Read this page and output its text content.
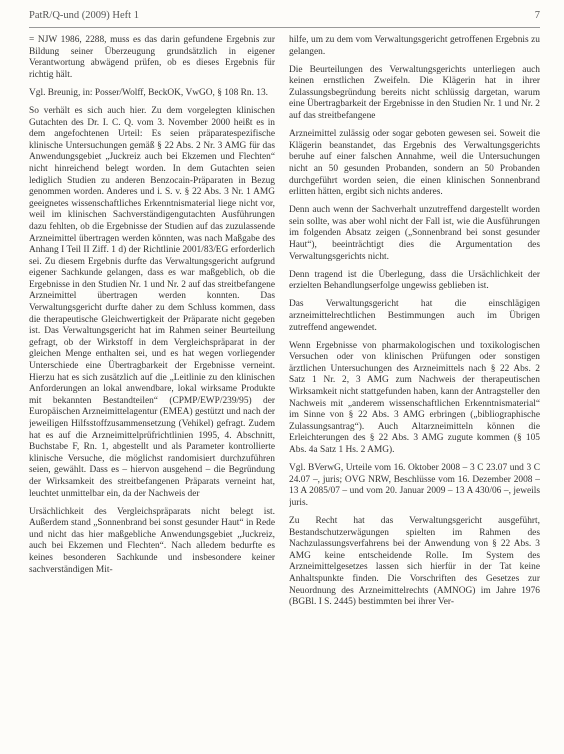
PatR/Q-und (2009) Heft 1	7

= NJW 1986, 2288, muss es das darin gefundene Ergebnis zur Bildung seiner Überzeugung grundsätzlich in eigener Verantwortung abwägend prüfen, ob es dieses Ergebnis für richtig hält.

Vgl. Breunig, in: Posser/Wolff, BeckOK, VwGO, § 108 Rn. 13.

So verhält es sich auch hier. Zu dem vorgelegten klinischen Gutachten des Dr. I. C. Q. vom 3. November 2000 heißt es in dem angefochtenen Urteil: Es seien präparatespezifische klinische Untersuchungen gemäß § 22 Abs. 2 Nr. 3 AMG für das Anwendungsgebiet „Juckreiz auch bei Ekzemen und Flechten“ nicht hinreichend belegt worden. In dem Gutachten seien lediglich Studien zu anderen Benzocain-Präparaten in Bezug genommen worden. Anderes und i. S. v. § 22 Abs. 3 Nr. 1 AMG geeignetes wissenschaftliches Erkenntnismaterial liege nicht vor, weil im klinischen Sachverständigengutachten Ausführungen dazu fehlten, ob die Ergebnisse der Studien auf das zuzulassende Arzneimittel übertragen werden könnten, was nach Maßgabe des Anhang I Teil II Ziff. 1 d) der Richtlinie 2001/83/EG erforderlich sei. Zu diesem Ergebnis durfte das Verwaltungsgericht aufgrund eigener Sachkunde gelangen, dass es war maßgeblich, ob die Ergebnisse in den Studien Nr. 1 und Nr. 2 auf das streitbefangene Arzneimittel übertragen werden konnten. Das Verwaltungsgericht durfte daher zu dem Schluss kommen, dass die therapeutische Gleichwertigkeit der Präparate nicht gegeben ist. Das Verwaltungsgericht hat im Rahmen seiner Beurteilung gefragt, ob der Wirkstoff in dem Vergleichspräparat in der gleichen Menge enthalten sei, und es hat wegen vorliegender Unterschiede eine Übertragbarkeit der Ergebnisse verneint. Hierzu hat es sich zusätzlich auf die „Leitlinie zu den klinischen Anforderungen an lokal anwendbare, lokal wirksame Produkte mit bekannten Bestandteilen“ (CPMP/EWP/239/95) der Europäischen Arzneimittelagentur (EMEA) gestützt und nach der jeweiligen Hilfsstoffzusammensetzung (Vehikel) gefragt. Zudem hat es auf die Arzneimittelprüfrichtlinien 1995, 4. Abschnitt, Buchstabe F, Rn. 1, abgestellt und als Parameter kontrollierte klinische Versuche, die möglichst randomisiert durchzuführen seien, gewählt. Dass es – hiervon ausgehend – die Begründung der Wirksamkeit des streitbefangenen Präparats verneint hat, leuchtet unmittelbar ein, da der Nachweis der

Ursächlichkeit des Vergleichspräparats nicht belegt ist. Außerdem stand „Sonnenbrand bei sonst gesunder Haut“ in Rede und nicht das hier maßgebliche Anwendungsgebiet „Juckreiz, auch bei Ekzemen und Flechten“. Nach alledem bedurfte es keines besonderen Sachkunde und insbesondere keiner sachverständigen Mit-

hilfe, um zu dem vom Verwaltungsgericht getroffenen Ergebnis zu gelangen.

Die Beurteilungen des Verwaltungsgerichts unterliegen auch keinen ernstlichen Zweifeln. Die Klägerin hat in ihrer Zulassungsbegründung bereits nicht schlüssig dargetan, warum eine Übertragbarkeit der Ergebnisse in den Studien Nr. 1 und Nr. 2 auf das streitbefangene

Arzneimittel zulässig oder sogar geboten gewesen sei. Soweit die Klägerin beanstandet, das Ergebnis des Verwaltungsgerichts beruhe auf einer falschen Annahme, weil die Untersuchungen nicht an 50 gesunden Probanden, sondern an 50 Probanden durchgeführt worden seien, die einen klinischen Sonnenbrand erlitten hätten, ergibt sich nichts anderes.

Denn auch wenn der Sachverhalt unzutreffend dargestellt worden sein sollte, was aber wohl nicht der Fall ist, wie die Ausführungen im folgenden Absatz zeigen („Sonnenbrand bei sonst gesunder Haut“), beeinträchtigt dies die Argumentation des Verwaltungsgerichts nicht.

Denn tragend ist die Überlegung, dass die Ursächlichkeit der erzielten Behandlungserfolge ungewiss geblieben ist.

Das Verwaltungsgericht hat die einschlägigen arzneimittelrechtlichen Bestimmungen auch im Übrigen zutreffend angewendet.

Wenn Ergebnisse von pharmakologischen und toxikologischen Versuchen oder von klinischen Prüfungen oder sonstigen ärztlichen Untersuchungen des Arzneimittels nach § 22 Abs. 2 Satz 1 Nr. 2, 3 AMG zum Nachweis der therapeutischen Wirksamkeit nicht stattgefunden haben, kann der Antragsteller den Nachweis mit „anderem wissenschaftlichen Erkenntnismaterial“ im Sinne von § 22 Abs. 3 AMG erbringen („bibliographische Zulassungsantrag“). Auch Altarzneimitteln können die Erleichterungen des § 22 Abs. 3 AMG zugute kommen (§ 105 Abs. 4a Satz 1 Hs. 2 AMG).

Vgl. BVerwG, Urteile vom 16. Oktober 2008 – 3 C 23.07 und 3 C 24.07 –, juris; OVG NRW, Beschlüsse vom 16. Dezember 2008 – 13 A 2085/07 – und vom 20. Januar 2009 – 13 A 430/06 –, jeweils juris.

Zu Recht hat das Verwaltungsgericht ausgeführt, Bestandschutzerwägungen spielten im Rahmen des Nachzulassungsverfahrens bei der Anwendung von § 22 Abs. 3 AMG keine entscheidende Rolle. Im System des Arzneimittelgesetzes lassen sich hierfür in der Tat keine Anhaltspunkte finden. Die Vorschriften des Gesetzes zur Neuordnung des Arzneimittelrechts (AMNOG) im Jahre 1976 (BGBl. I S. 2445) bestimmten bei ihrer Ver-
